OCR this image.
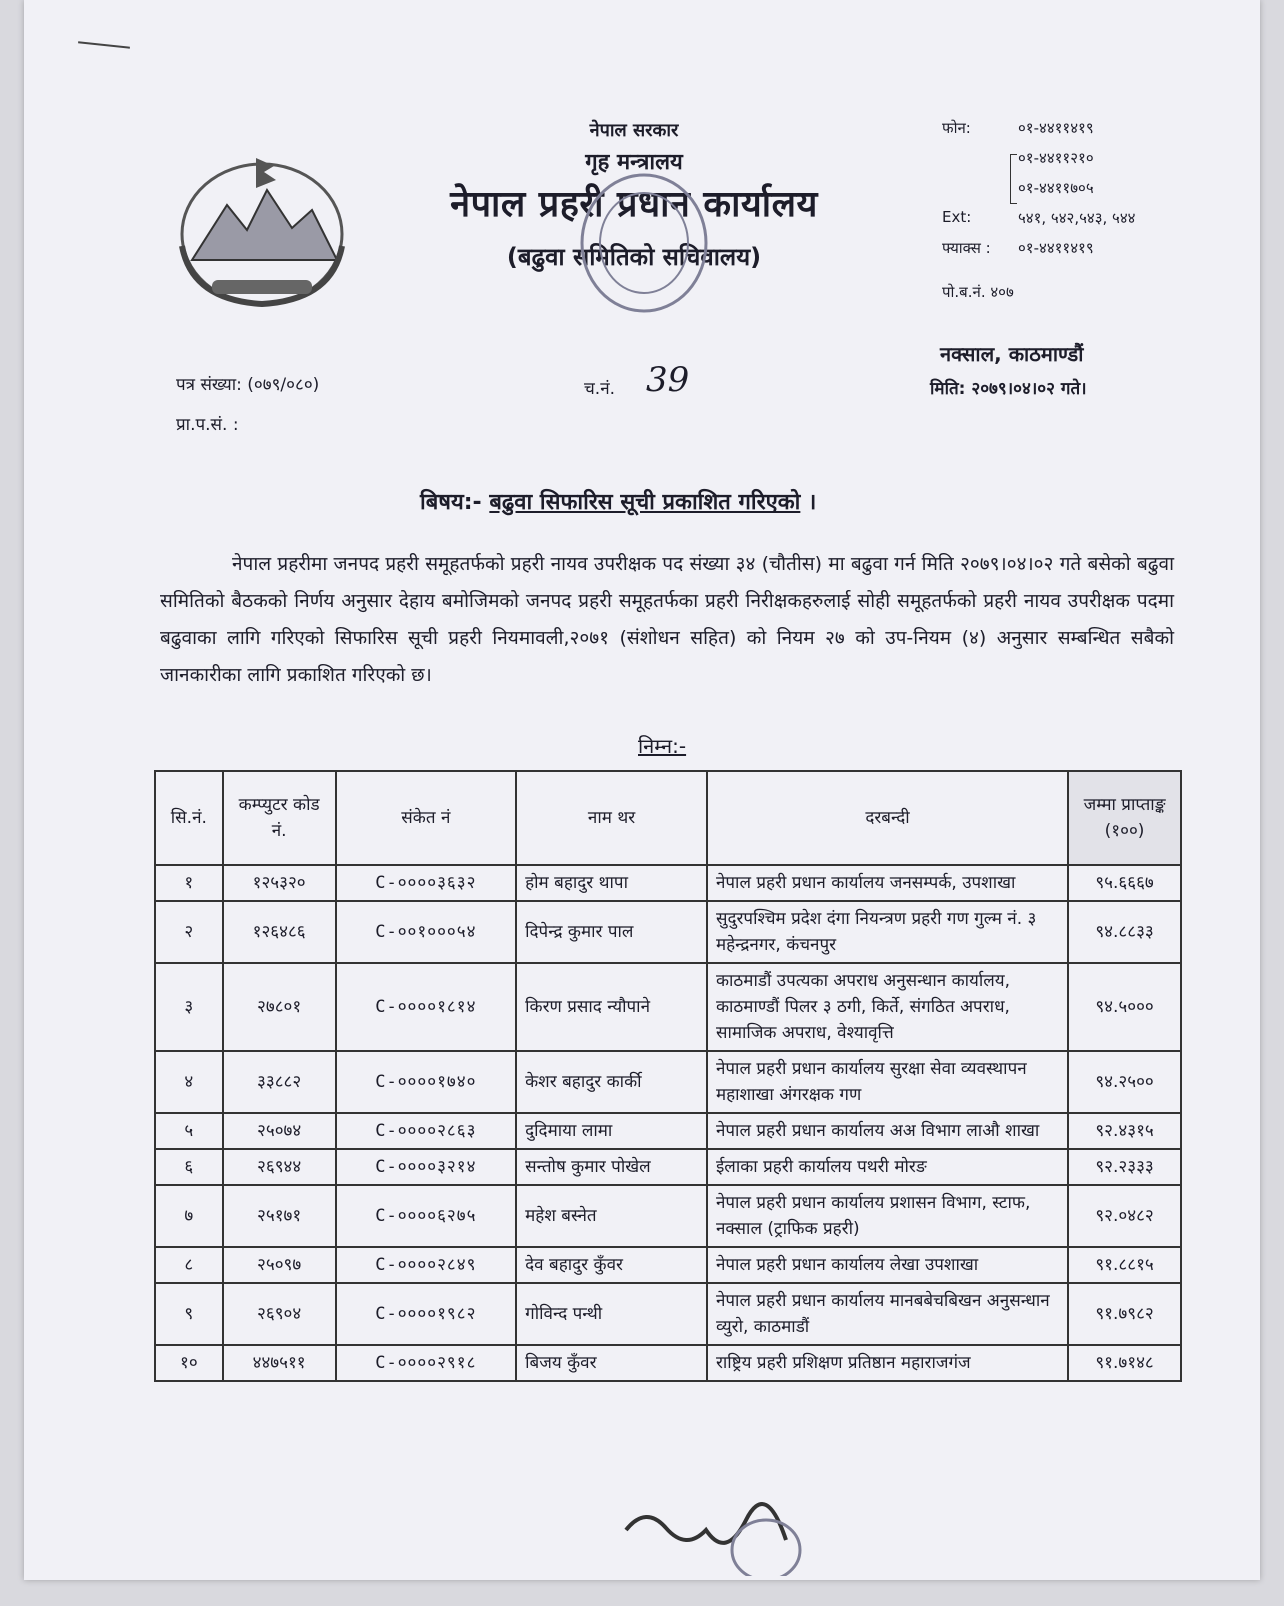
नेपाल सरकार
गृह मन्त्रालय
नेपाल प्रहरी प्रधान कार्यालय
(बढुवा समितिको सचिवालय)
फोन:	०१-४४११४१९
०१-४४११२१०
०१-४४११७०५
Ext:	५४१, ५४२,५४३, ५४४
फ्याक्स : ०१-४४११४१९
पो.ब.नं. ४०७
नक्साल, काठमाण्डौं
पत्र संख्या: (०७९/०८०)	च.नं. 39	मिति: २०७९।०४।०२ गते।
प्रा.प.सं. :
बिषय:- बढुवा सिफारिस सूची प्रकाशित गरिएको ।
नेपाल प्रहरीमा जनपद प्रहरी समूहतर्फको प्रहरी नायव उपरीक्षक पद संख्या ३४ (चौतीस) मा बढुवा गर्न मिति २०७९।०४।०२ गते बसेको बढुवा समितिको बैठकको निर्णय अनुसार देहाय बमोजिमको जनपद प्रहरी समूहतर्फका प्रहरी निरीक्षकहरुलाई सोही समूहतर्फको प्रहरी नायव उपरीक्षक पदमा बढुवाका लागि गरिएको सिफारिस सूची प्रहरी नियमावली,२०७१ (संशोधन सहित) को नियम २७ को उप-नियम (४) अनुसार सम्बन्धित सबैको जानकारीका लागि प्रकाशित गरिएको छ।
निम्न:-
सि.नं.	कम्प्युटर कोड नं.	संकेत नं	नाम थर	दरबन्दी	जम्मा प्राप्ताङ्क (१००)
१	१२५३२०	C-००००३६३२	होम बहादुर थापा	नेपाल प्रहरी प्रधान कार्यालय जनसम्पर्क, उपशाखा	९५.६६६७
२	१२६४८६	C-००१०००५४	दिपेन्द्र कुमार पाल	सुदुरपश्चिम प्रदेश दंगा नियन्त्रण प्रहरी गण गुल्म नं. ३ महेन्द्रनगर, कंचनपुर	९४.८८३३
३	२७८०१	C-००००१८१४	किरण प्रसाद न्यौपाने	काठमाडौं उपत्यका अपराध अनुसन्धान कार्यालय, काठमाण्डौं पिलर ३ ठगी, किर्ते, संगठित अपराध, सामाजिक अपराध, वेश्यावृत्ति	९४.५०००
४	३३८८२	C-००००१७४०	केशर बहादुर कार्की	नेपाल प्रहरी प्रधान कार्यालय सुरक्षा सेवा व्यवस्थापन महाशाखा अंगरक्षक गण	९४.२५००
५	२५०७४	C-००००२८६३	दुदिमाया लामा	नेपाल प्रहरी प्रधान कार्यालय अअ विभाग लाऔ शाखा	९२.४३१५
६	२६९४४	C-००००३२१४	सन्तोष कुमार पोखेल	ईलाका प्रहरी कार्यालय पथरी मोरङ	९२.२३३३
७	२५१७१	C-००००६२७५	महेश बस्नेत	नेपाल प्रहरी प्रधान कार्यालय प्रशासन विभाग, स्टाफ, नक्साल (ट्राफिक प्रहरी)	९२.०४८२
८	२५०९७	C-००००२८४९	देव बहादुर कुँवर	नेपाल प्रहरी प्रधान कार्यालय लेखा उपशाखा	९१.८८१५
९	२६९०४	C-००००१९८२	गोविन्द पन्थी	नेपाल प्रहरी प्रधान कार्यालय मानबबेचबिखन अनुसन्धान व्युरो, काठमाडौं	९१.७९८२
१०	४४७५११	C-००००२९१८	बिजय कुँवर	राष्ट्रिय प्रहरी प्रशिक्षण प्रतिष्ठान महाराजगंज	९१.७१४८
